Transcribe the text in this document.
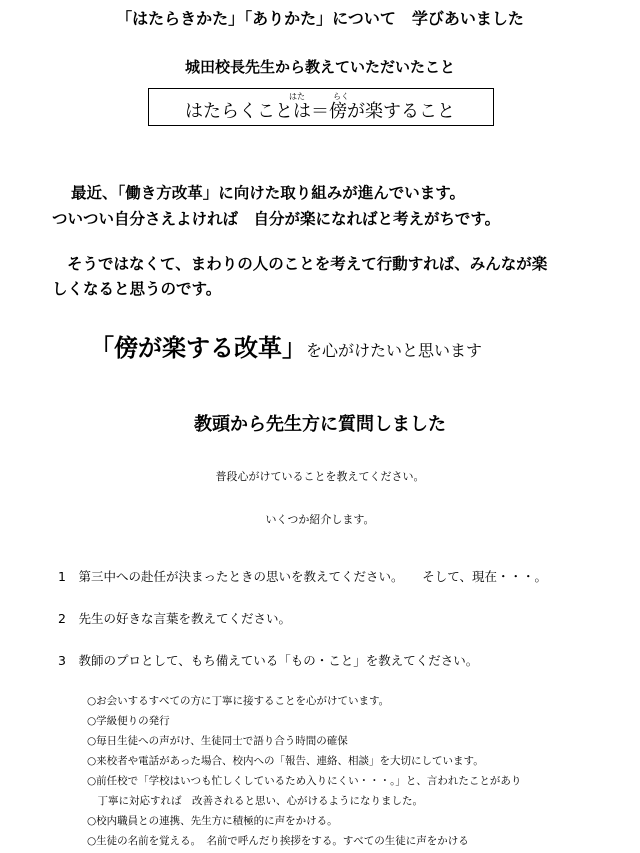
「はたらきかた」「ありかた」について　学びあいました
城田校長先生から教えていただいたこと
はた	らく
はたらくことは＝傍が楽すること
最近、「働き方改革」に向けた取り組みが進んでいます。
ついつい自分さえよければ　自分が楽になればと考えがちです。
そうではなくて、まわりの人のことを考えて行動すれば、みんなが楽
しくなると思うのです。
「傍が楽する改革」を心がけたいと思います
教頭から先生方に質問しました
普段心がけていることを教えてください。
いくつか紹介します。
1　第三中への赴任が決まったときの思いを教えてください。　　そして、現在・・・。
2　先生の好きな言葉を教えてください。
3　教師のプロとして、もち備えている「もの・こと」を教えてください。
○お会いするすべての方に丁寧に接することを心がけています。
○学級便りの発行
○毎日生徒への声がけ、生徒同士で語り合う時間の確保
○来校者や電話があった場合、校内への「報告、連絡、相談」を大切にしています。
○前任校で「学校はいつも忙しくしているため入りにくい・・・。」と、言われたことがあり
　丁寧に対応すれば　改善されると思い、心がけるようになりました。
○校内職員との連携、先生方に積極的に声をかける。
○生徒の名前を覚える。　名前で呼んだり挨拶をする。すべての生徒に声をかける
